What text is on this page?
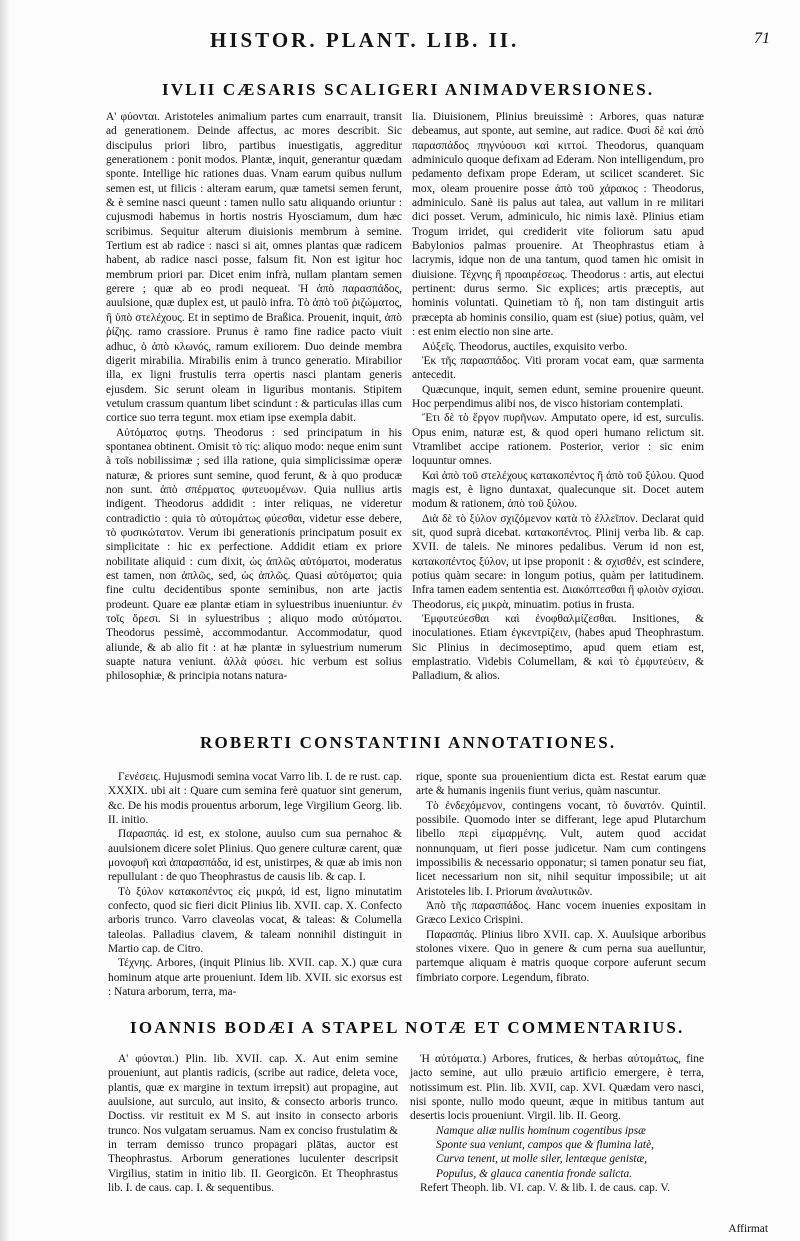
HISTOR. PLANT. LIB. II.	71
IVLII CÆSARIS SCALIGERI ANIMADVERSIONES.

A' φύονται. Aristoteles animalium partes cum enarrauit, transit ad generationem. Deinde affectus, ac mores describit. Sic discipulus priori libro, partibus inuestigatis, aggreditur generationem : ponit modos. Plantæ, inquit, generantur quædam sponte. Intellige hic rationes duas. Vnam earum quibus nullum semen est, ut filicis : alteram earum, quæ tametsi semen ferunt, & è semine nasci queunt : tamen nullo satu aliquando oriuntur : cujusmodi habemus in hortis nostris Hyosciamum, dum hæc scribimus. Sequitur alterum diuisionis membrum à semine. Tertium est ab radice : nasci si ait, omnes plantas quæ radicem habent, ab radice nasci posse, falsum fit. Non est igitur hoc membrum priori par. Dicet enim infrà, nullam plantam semen gerere ; quæ ab eo prodi nequeat. Ἡ ἀπὸ παρασπάδος, auulsione, quæ duplex est, ut paulò infra. Τὸ ἀπὸ τοῦ ῥιζώματος, ἢ ὑπὸ στελέχους. Et in septimo de Braßica. Prouenit, inquit, ἀπὸ ῥίζης. ramo crassiore. Prunus è ramo fine radice pacto viuit adhuc, ὁ ἀπὸ κλωνός, ramum exiliorem. Duo deinde membra digerit mirabilia. Mirabilis enim à trunco generatio. Mirabilior illa, ex ligni frustulis terra opertis nasci plantam generis ejusdem. Sic serunt oleam in liguribus montanis. Stipitem vetulum crassum quantum libet scindunt : & particulas illas cum cortice suo terra tegunt. mox etiam ipse exempla dabit.

Αὐτόματος φυτηs. Theodorus : sed principatum in his spontanea obtinent. Omisit τὸ τίς: aliquo modo: neque enim sunt à τοῖs nobilissimæ ; sed illa ratione, quia simplicissimæ operæ naturæ, & priores sunt semine, quod ferunt, & à quo producæ non sunt. ἀπὸ σπέρματος φυτευομένων. Quia nullius artis indigent. Theodorus addidit : inter reliquas, ne videretur contradictio : quia τὸ αὐτομάτως φύεσθαι, videtur esse debere, τὸ φυσικώτατον. Verum ibi generationis principatum posuit ex simplicitate : hic ex perfectione. Addidit etiam ex priore nobilitate aliquid : cum dixit, ὡς ἀπλῶς αὐτόματοι, moderatus est tamen, non ἁπλῶς, sed, ὡς ἁπλῶς. Quasi αὐτόματοι; quia fine cultu decidentibus sponte seminibus, non arte jactis prodeunt. Quare eæ plantæ etiam in syluestribus inueniuntur. ἐν τοῖς ὄρεσι. Si in syluestribus ; aliquo modo αὐτόματοι. Theodorus pessimè, accommodantur. Accommodatur, quod aliunde, & ab alio fit : at hæ plantæ in syluestrium numerum suapte natura veniunt. ἀλλὰ φύσει. hic verbum est solius philosophiæ, & principia notans natura-

lia. Diuisionem, Plinius breuissimè : Arbores, quas naturæ debeamus, aut sponte, aut semine, aut radice. Φυσὶ δὲ καὶ ἀπὸ παρασπάδος πηγνύουσι καὶ κιττοί. Theodorus, quanquam adminiculo quoque defixam ad Ederam. Non intelligendum, pro pedamento defixam prope Ederam, ut scilicet scanderet. Sic mox, oleam prouenire posse ἀπὸ τοῦ χάρακος : Theodorus, adminiculo. Sanè iis palus aut talea, aut vallum in re militari dici posset. Verum, adminiculo, hic nimis laxè. Plinius etiam Trogum irridet, qui crediderit vite foliorum satu apud Babylonios palmas prouenire. At Theophrastus etiam à lacrymis, idque non de una tantum, quod tamen hic omisit in diuisione. Τέχνης ἢ προαιρέσεως. Theodorus : artis, aut electui pertinent: durus sermo. Sic explices; artis præceptis, aut hominis voluntati. Quinetiam τὸ ἤ, non tam distinguit artis præcepta ab hominis consilio, quam est (siue) potius, quàm, vel : est enim electio non sine arte.

Αὐξεῖς. Theodorus, auctiles, exquisito verbo.

Ἐκ τῆς παρασπάδος. Viti proram vocat eam, quæ sarmenta antecedit.

Quæcunque, inquit, semen edunt, semine prouenire queunt. Hoc perpendimus alibi nos, de visco historiam contemplati.

Ἔτι δὲ τὸ ἔργον πυρῆνων. Amputato opere, id est, surculis. Opus enim, naturæ est, & quod operi humano relictum sit. Vtramlibet accipe rationem. Posterior, verior : sic enim loquuntur omnes.

Καὶ ἀπὸ τοῦ στελέχους κατακοπέντος ἢ ἀπὸ τοῦ ξύλου. Quod magis est, è ligno duntaxat, qualecunque sit. Docet autem modum & rationem, ἀπὸ τοῦ ξύλου.

Διὰ δὲ τὸ ξύλον σχιζόμενον κατὰ τὸ ἐλλεῖπον. Declarat quid sit, quod suprà dicebat. κατακοπέντος. Plinij verba lib. & cap. XVII. de taleis. Ne minores pedalibus. Verum id non est, κατακοπέντος ξύλον, ut ipse proponit : & σχισθέν, est scindere, potius quàm secare: in longum potius, quàm per latitudinem. Infra tamen eadem sententia est. Διακόπτεσθαι ἢ φλοιὸν σχίσαι. Theodorus, εἰς μικρὰ, minuatim. potius in frusta.

Ἐμφυτεύεσθαι καὶ ἐνοφθαλμίζεσθαι. Insitiones, & inoculationes. Etiam ἐγκεντρίζειν, (habes apud Theophrastum. Sic Plinius in decimoseptimo, apud quem etiam est, emplastratio. Videbis Columellam, & καὶ τὸ ἐμφυτεύειν, & Palladium, & alios.

ROBERTI CONSTANTINI ANNOTATIONES.

Γενέσεις. Hujusmodi semina vocat Varro lib. I. de re rust. cap. XXXIX. ubi ait : Quare cum semina ferè quatuor sint generum, &c. De his modis prouentus arborum, lege Virgilium Georg. lib. II. initio.

Παρασπάς. id est, ex stolone, auulso cum sua pernahoc & auulsionem dicere solet Plinius. Quo genere culturæ carent, quæ μονοφυῆ καὶ ἀπαρασπάδα, id est, unistirpes, & quæ ab imis non repullulant : de quo Theophrastus de causis lib. & cap. I.

Τὸ ξύλον κατακοπέντος εἰς μικρά, id est, ligno minutatim confecto, quod sic fieri dicit Plinius lib. XVII. cap. X. Confecto arboris trunco. Varro claveolas vocat, & taleas: & Columella taleolas. Palladius clavem, & taleam nonnihil distinguit in Martio cap. de Citro.

Τέχνης. Arbores, (inquit Plinius lib. XVII. cap. X.) quæ cura hominum atque arte proueniunt. Idem lib. XVII. sic exorsus est : Natura arborum, terra, ma-

rique, sponte sua prouenientium dicta est. Restat earum quæ arte & humanis ingeniis fiunt verius, quàm nascuntur.

Τὸ ἐνδεχόμενον, contingens vocant, τὸ δυνατόν. Quintil. possibile. Quomodo inter se differant, lege apud Plutarchum libello περὶ εἱμαρμένης. Vult, autem quod accidat nonnunquam, ut fieri posse judicetur. Nam cum contingens impossibilis & necessario opponatur; si tamen ponatur seu fiat, licet necessarium non sit, nihil sequitur impossibile; ut ait Aristoteles lib. I. Priorum ἀναλυτικῶν.

Ἀπὸ τῆς παρασπάδος. Hanc vocem inuenies expositam in Græco Lexico Crispini.

Παρασπάς. Plinius libro XVII. cap. X. Auulsique arboribus stolones vixere. Quo in genere & cum perna sua auelluntur, partemque aliquam è matris quoque corpore auferunt secum fimbriato corpore. Legendum, fibrato.

IOANNIS BODÆI A STAPEL NOTÆ ET COMMENTARIUS.

A' φύονται.) Plin. lib. XVII. cap. X. Aut enim semine proueniunt, aut plantis radicis, (scribe aut radice, deleta voce, plantis, quæ ex margine in textum irrepsit) aut propagine, aut auulsione, aut surculo, aut insito, & consecto arboris trunco. Doctiss. vir restituit ex M S. aut insito in consecto arboris trunco. Nos vulgatam seruamus. Nam ex conciso frustulatim & in terram demisso trunco propagari plātas, auctor est Theophrastus. Arborum generationes luculenter descripsit Virgilius, statim in initio lib. II. Georgicōn. Et Theophrastus lib. I. de caus. cap. I. & sequentibus.

Ἡ αὐτόματα.) Arbores, frutices, & herbas αὐτομάτως, fine jacto semine, aut ullo præuio artificio emergere, è terra, notissimum est. Plin. lib. XVII, cap. XVI. Quædam vero nasci, nisi sponte, nullo modo queunt, æque in mitibus tantum aut desertis locis proueniunt. Virgil. lib. II. Georg.

Namque aliæ nullis hominum cogentibus ipsæ

Sponte sua veniunt, campos que & flumina latè,

Curva tenent, ut molle siler, lentæque genistæ,

Populus, & glauca canentia fronde salicta.

Refert Theoph. lib. VI. cap. V. & lib. I. de caus. cap. V.

Affirmat
